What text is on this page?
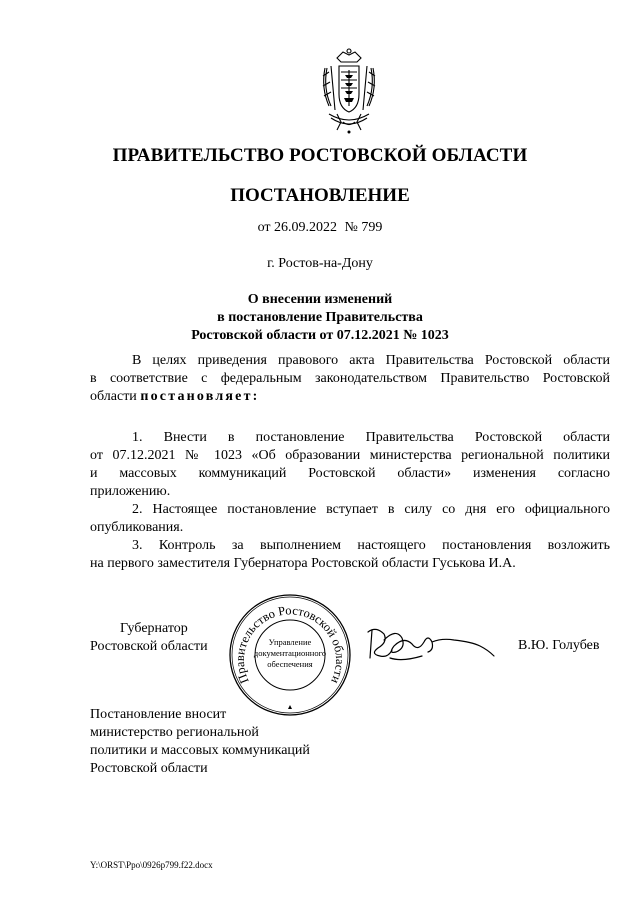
ПРАВИТЕЛЬСТВО РОСТОВСКОЙ ОБЛАСТИ
ПОСТАНОВЛЕНИЕ
от 26.09.2022 № 799
г. Ростов-на-Дону
О внесении изменений
в постановление Правительства
Ростовской области от 07.12.2021 № 1023
В целях приведения правового акта Правительства Ростовской области
в соответствие с федеральным законодательством Правительство Ростовской
области постановляет:
1. Внести в постановление Правительства Ростовской области
от 07.12.2021 № 1023 «Об образовании министерства региональной политики
и массовых коммуникаций Ростовской области» изменения согласно
приложению.
2. Настоящее постановление вступает в силу со дня его официального
опубликования.
3. Контроль за выполнением настоящего постановления возложить
на первого заместителя Губернатора Ростовской области Гуськова И.А.
Губернатор
Ростовской области
Правительство Ростовской области
Управление
документационного
обеспечения
В.Ю. Голубев
Постановление вносит
министерство региональной
политики и массовых коммуникаций
Ростовской области
Y:\ORST\Ppo\0926p799.f22.docx
